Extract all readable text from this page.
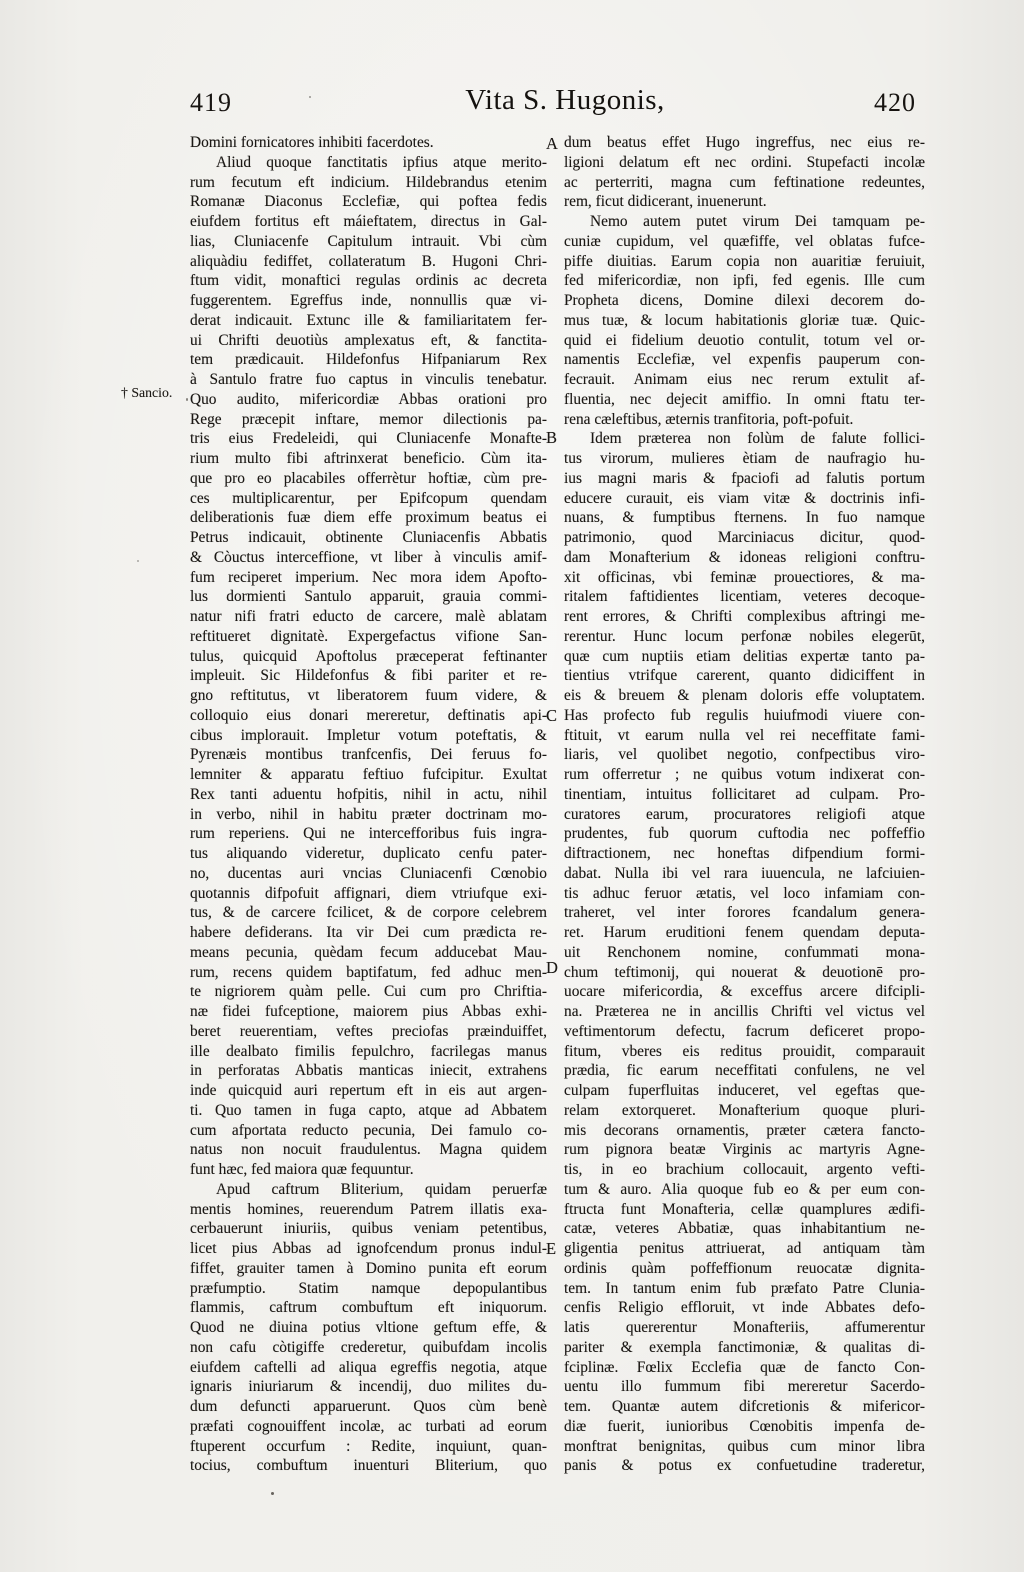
419	Vita S. Hugonis,	420
Domini fornicatores inhibiti facerdotes.
Aliud quoque fanctitatis ipfius atque merito-
rum fecutum eft indicium. Hildebrandus etenim
Romanæ Diaconus Ecclefiæ, qui poftea fedis
eiufdem fortitus eft máieftatem, directus in Gal-
lias, Cluniacenfe Capitulum intrauit. Vbi cùm
aliquàdiu fediffet, collateratum B. Hugoni Chri-
ftum vidit, monaftici regulas ordinis ac decreta
fuggerentem. Egreffus inde, nonnullis quæ vi-
derat indicauit. Extunc ille & familiaritatem fer-
ui Chrifti deuotiùs amplexatus eft, & fanctita-
tem prædicauit. Hildefonfus Hifpaniarum Rex
à Santulo fratre fuo captus in vinculis tenebatur.
Quo audito, mifericordiæ Abbas orationi pro
Rege præcepit inftare, memor dilectionis pa-
tris eius Fredeleidi, qui Cluniacenfe Monafte-
rium multo fibi aftrinxerat beneficio. Cùm ita-
que pro eo placabiles offerrètur hoftiæ, cùm pre-
ces multiplicarentur, per Epifcopum quendam
deliberationis fuæ diem effe proximum beatus ei
Petrus indicauit, obtinente Cluniacenfis Abbatis
& Còuctus interceffione, vt liber à vinculis amif-
fum reciperet imperium. Nec mora idem Apofto-
lus dormienti Santulo apparuit, grauia commi-
natur nifi fratri educto de carcere, malè ablatam
reftitueret dignitatè. Expergefactus vifione San-
tulus, quicquid Apoftolus præceperat feftinanter
impleuit. Sic Hildefonfus & fibi pariter et re-
gno reftitutus, vt liberatorem fuum videre, &
colloquio eius donari mereretur, deftinatis api-
cibus implorauit. Impletur votum poteftatis, &
Pyrenæis montibus tranfcenfis, Dei feruus fo-
lemniter & apparatu feftiuo fufcipitur. Exultat
Rex tanti aduentu hofpitis, nihil in actu, nihil
in verbo, nihil in habitu præter doctrinam mo-
rum reperiens. Qui ne intercefforibus fuis ingra-
tus aliquando videretur, duplicato cenfu pater-
no, ducentas auri vncias Cluniacenfi Cœnobio
quotannis difpofuit affignari, diem vtriufque exi-
tus, & de carcere fcilicet, & de corpore celebrem
habere defiderans. Ita vir Dei cum prædicta re-
means pecunia, quèdam fecum adducebat Mau-
rum, recens quidem baptifatum, fed adhuc men-
te nigriorem quàm pelle. Cui cum pro Chriftia-
næ fidei fufceptione, maiorem pius Abbas exhi-
beret reuerentiam, veftes preciofas præinduiffet,
ille dealbato fimilis fepulchro, facrilegas manus
in perforatas Abbatis manticas iniecit, extrahens
inde quicquid auri repertum eft in eis aut argen-
ti. Quo tamen in fuga capto, atque ad Abbatem
cum afportata reducto pecunia, Dei famulo co-
natus non nocuit fraudulentus. Magna quidem
funt hæc, fed maiora quæ fequuntur.
Apud caftrum Bliterium, quidam peruerfæ
mentis homines, reuerendum Patrem illatis exa-
cerbauerunt iniuriis, quibus veniam petentibus,
licet pius Abbas ad ignofcendum pronus indul-
fiffet, grauiter tamen à Domino punita eft eorum
præfumptio. Statim namque depopulantibus
flammis, caftrum combuftum eft iniquorum.
Quod ne diuina potius vltione geftum effe, &
non cafu còtigiffe crederetur, quibufdam incolis
eiufdem caftelli ad aliqua egreffis negotia, atque
ignaris iniuriarum & incendij, duo milites du-
dum defuncti apparuerunt. Quos cùm benè
præfati cognouiffent incolæ, ac turbati ad eorum
ftuperent occurfum : Redite, inquiunt, quan-
tocius, combuftum inuenturi Bliterium, quo
dum beatus effet Hugo ingreffus, nec eius re-
ligioni delatum eft nec ordini. Stupefacti incolæ
ac perterriti, magna cum feftinatione redeuntes,
rem, ficut didicerant, inuenerunt.
Nemo autem putet virum Dei tamquam pe-
cuniæ cupidum, vel quæfiffe, vel oblatas fufce-
piffe diuitias. Earum copia non auaritiæ feruiuit,
fed mifericordiæ, non ipfi, fed egenis. Ille cum
Propheta dicens, Domine dilexi decorem do-
mus tuæ, & locum habitationis gloriæ tuæ. Quic-
quid ei fidelium deuotio contulit, totum vel or-
namentis Ecclefiæ, vel expenfis pauperum con-
fecrauit. Animam eius nec rerum extulit af-
fluentia, nec dejecit amiffio. In omni ftatu ter-
rena cæleftibus, æternis tranfitoria, poft-pofuit.
Idem præterea non folùm de falute follici-
tus virorum, mulieres ètiam de naufragio hu-
ius magni maris & fpaciofi ad falutis portum
educere curauit, eis viam vitæ & doctrinis infi-
nuans, & fumptibus fternens. In fuo namque
patrimonio, quod Marciniacus dicitur, quod-
dam Monafterium & idoneas religioni conftru-
xit officinas, vbi feminæ prouectiores, & ma-
ritalem faftidientes licentiam, veteres decoque-
rent errores, & Chrifti complexibus aftringi me-
rerentur. Hunc locum perfonæ nobiles elegerūt,
quæ cum nuptiis etiam delitias expertæ tanto pa-
tientius vtrifque carerent, quanto didiciffent in
eis & breuem & plenam doloris effe voluptatem.
Has profecto fub regulis huiufmodi viuere con-
ftituit, vt earum nulla vel rei neceffitate fami-
liaris, vel quolibet negotio, confpectibus viro-
rum offerretur ; ne quibus votum indixerat con-
tinentiam, intuitus follicitaret ad culpam. Pro-
curatores earum, procuratores religiofi atque
prudentes, fub quorum cuftodia nec poffeffio
diftractionem, nec honeftas difpendium formi-
dabat. Nulla ibi vel rara iuuencula, ne lafciuien-
tis adhuc feruor ætatis, vel loco infamiam con-
traheret, vel inter forores fcandalum genera-
ret. Harum eruditioni fenem quendam deputa-
uit Renchonem nomine, confummati mona-
chum teftimonij, qui nouerat & deuotionē pro-
uocare mifericordia, & exceffus arcere difcipli-
na. Præterea ne in ancillis Chrifti vel victus vel
veftimentorum defectu, facrum deficeret propo-
fitum, vberes eis reditus prouidit, comparauit
prædia, fic earum neceffitati confulens, ne vel
culpam fuperfluitas induceret, vel egeftas que-
relam extorqueret. Monafterium quoque pluri-
mis decorans ornamentis, præter cætera fancto-
rum pignora beatæ Virginis ac martyris Agne-
tis, in eo brachium collocauit, argento vefti-
tum & auro. Alia quoque fub eo & per eum con-
ftructa funt Monafteria, cellæ quamplures ædifi-
catæ, veteres Abbatiæ, quas inhabitantium ne-
gligentia penitus attriuerat, ad antiquam tàm
ordinis quàm poffeffionum reuocatæ dignita-
tem. In tantum enim fub præfato Patre Clunia-
cenfis Religio effloruit, vt inde Abbates defo-
latis quererentur Monafteriis, affumerentur
pariter & exempla fanctimoniæ, & qualitas di-
fciplinæ. Fœlix Ecclefia quæ de fancto Con-
uentu illo fummum fibi mereretur Sacerdo-
tem. Quantæ autem difcretionis & mifericor-
diæ fuerit, iunioribus Cœnobitis impenfa de-
monftrat benignitas, quibus cum minor libra
panis & potus ex confuetudine traderetur,
A
B
C
D
E
† Sancio.
